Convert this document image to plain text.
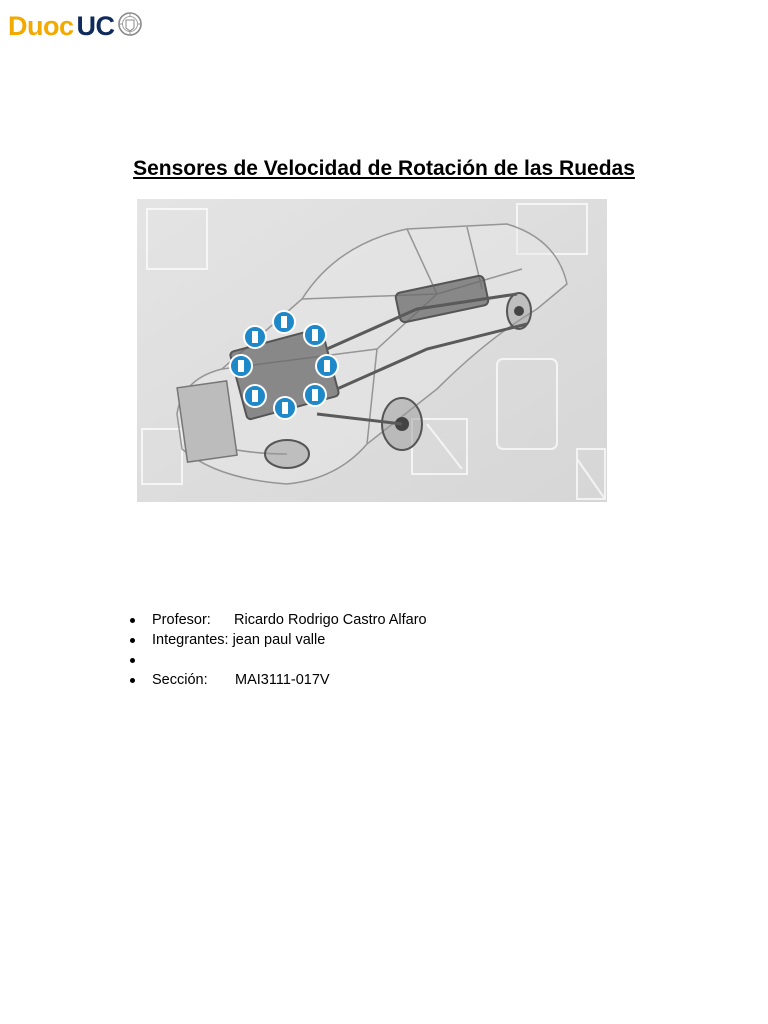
Duoc UC
Sensores de Velocidad de Rotación de las Ruedas
Profesor:	Ricardo Rodrigo Castro Alfaro
Integrantes: jean paul valle
Sección:	MAI3111-017V
